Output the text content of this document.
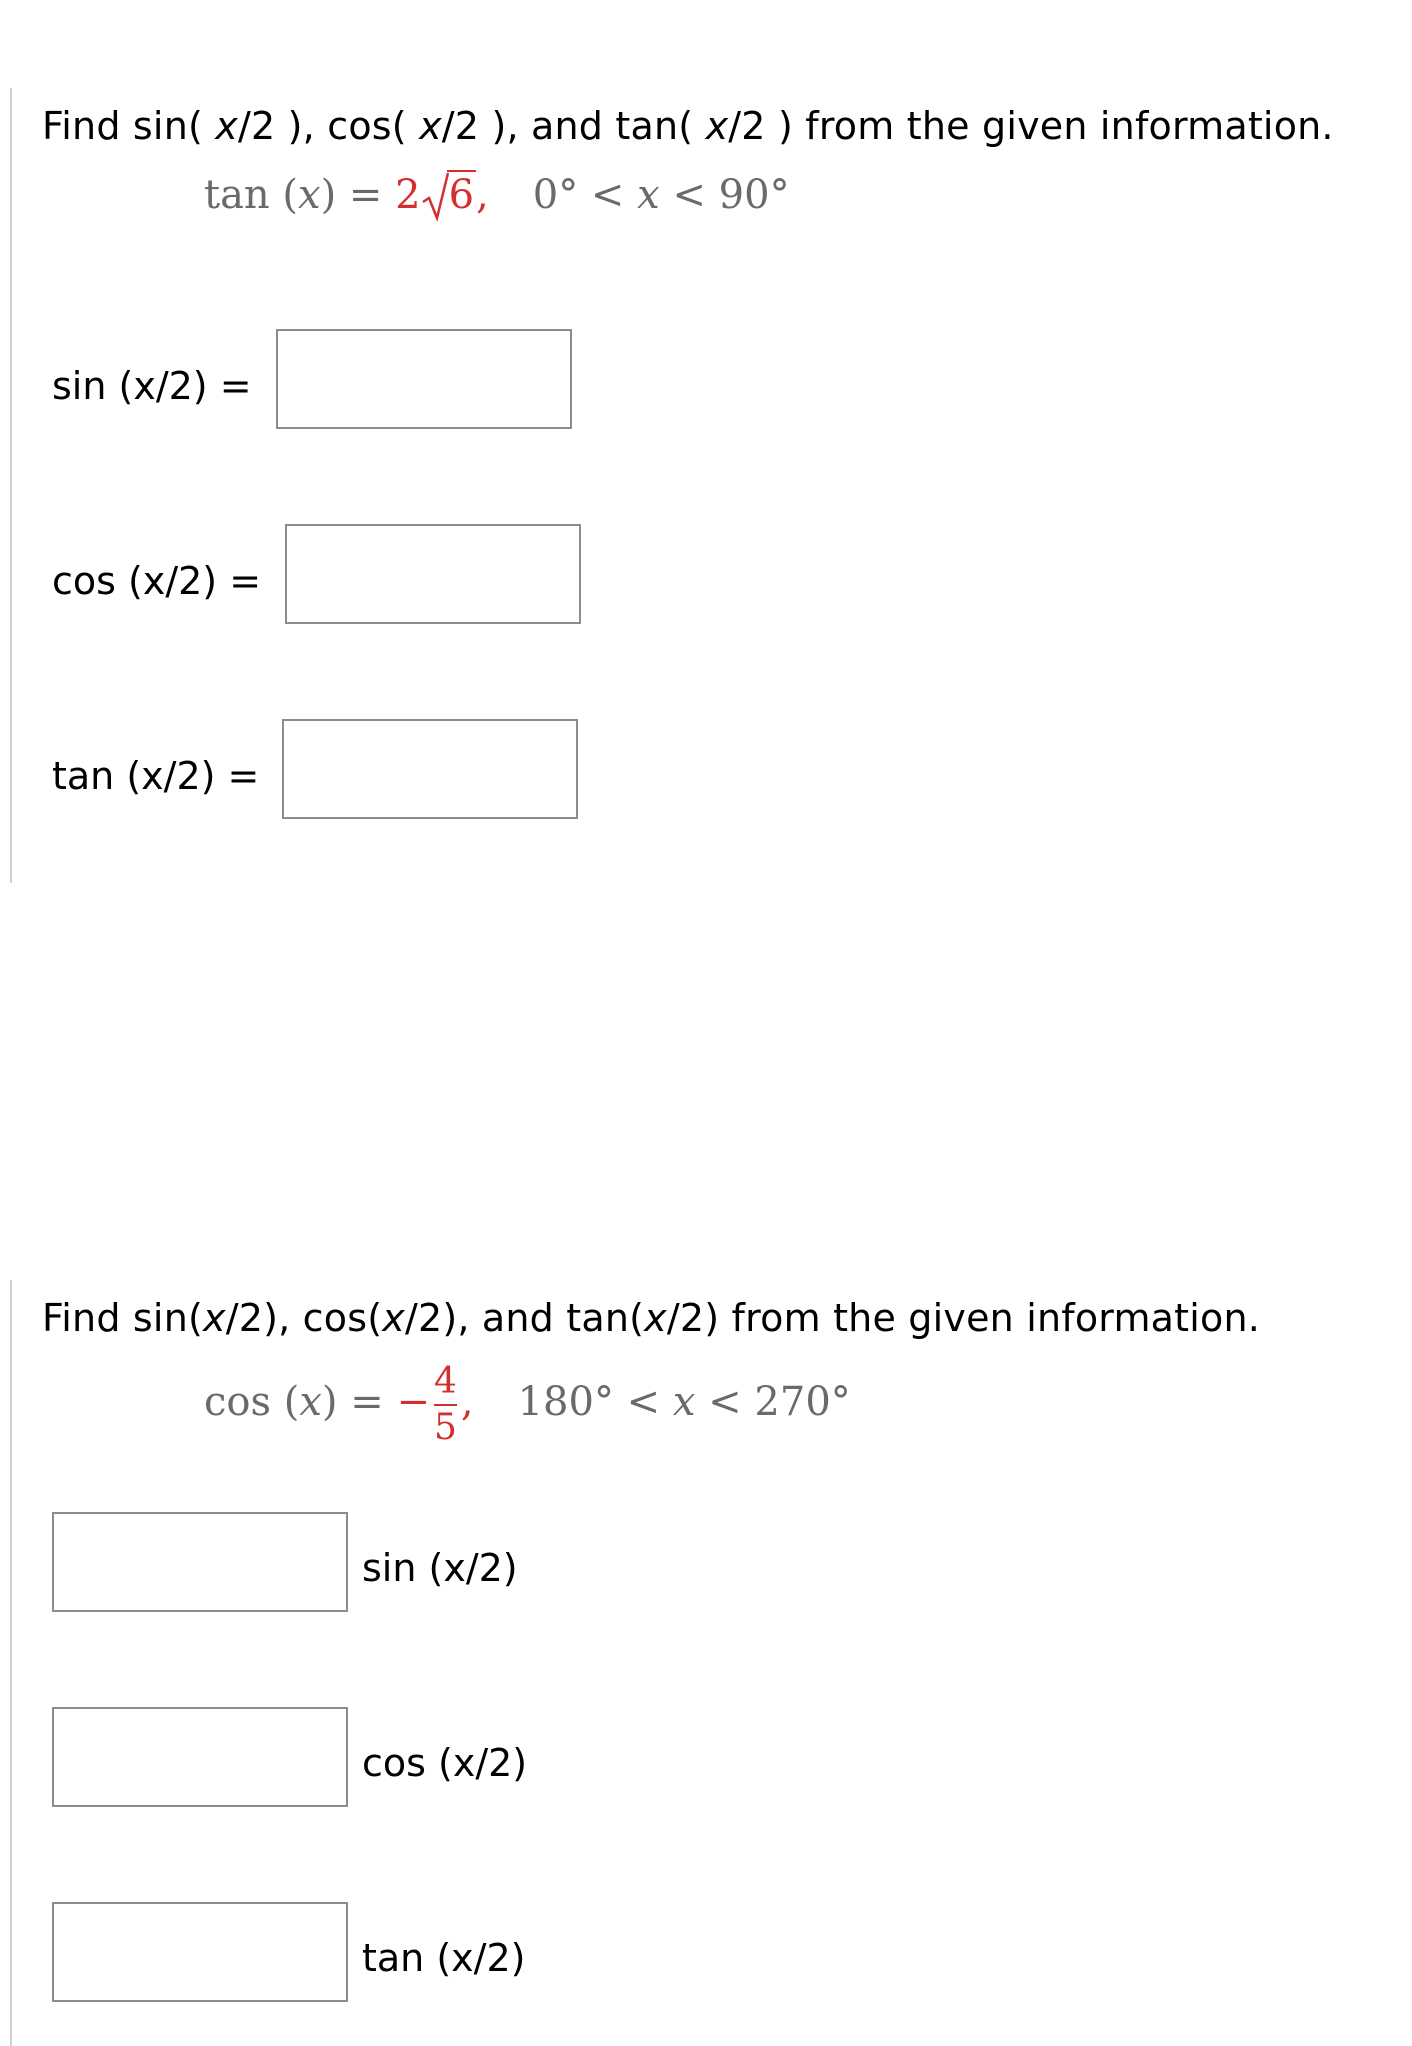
Find sin( x/2 ), cos( x/2 ), and tan( x/2 ) from the given information.
tan (x) = 2 6, 0° < x < 90°
sin (x/2) =
cos (x/2) =
tan (x/2) =
Find sin(x/2), cos(x/2), and tan(x/2) from the given information.
cos (x) = − $\frac{4}{5}$ , 180° < x < 270°
sin (x/2)
cos (x/2)
tan (x/2)
